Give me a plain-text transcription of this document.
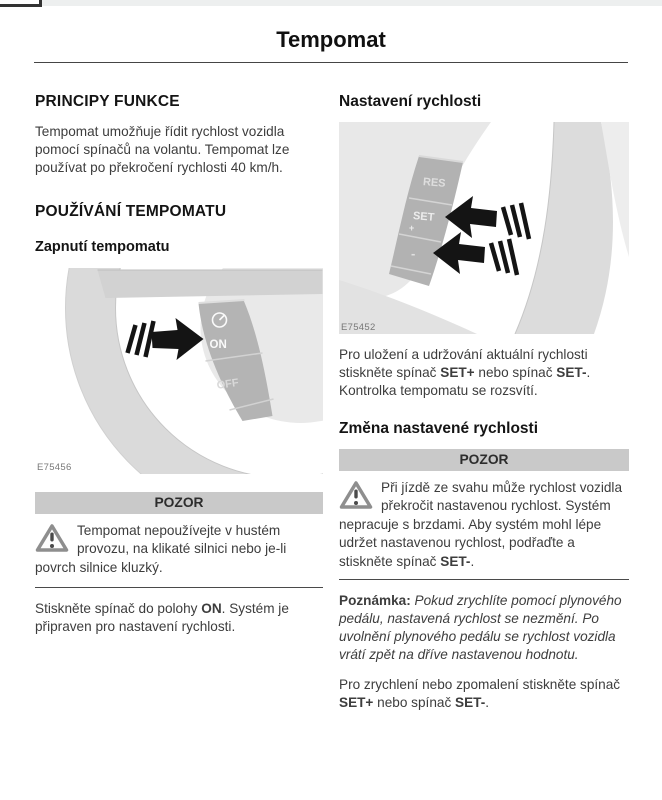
Tempomat
PRINCIPY FUNKCE

Tempomat umožňuje řídit rychlost vozidla pomocí spínačů na volantu. Tempomat lze používat po překročení rychlosti 40 km/h.

POUŽÍVÁNÍ TEMPOMATU
Zapnutí tempomatu
ON
OFF
E75456
POZOR
Tempomat nepoužívejte v hustém provozu, na klikaté silnici nebo je-li povrch silnice kluzký.

Stiskněte spínač do polohy ON. Systém je připraven pro nastavení rychlosti.

Nastavení rychlosti
RES
SET
+
-
E75452

Pro uložení a udržování aktuální rychlosti stiskněte spínač SET+ nebo spínač SET-. Kontrolka tempomatu se rozsvítí.

Změna nastavené rychlosti
POZOR
Při jízdě ze svahu může rychlost vozidla překročit nastavenou rychlost. Systém nepracuje s brzdami. Aby systém mohl lépe udržet nastavenou rychlost, podřaďte a stiskněte spínač SET-.

Poznámka: Pokud zrychlíte pomocí plynového pedálu, nastavená rychlost se nezmění. Po uvolnění plynového pedálu se rychlost vozidla vrátí zpět na dříve nastavenou hodnotu.

Pro zrychlení nebo zpomalení stiskněte spínač SET+ nebo spínač SET-.
